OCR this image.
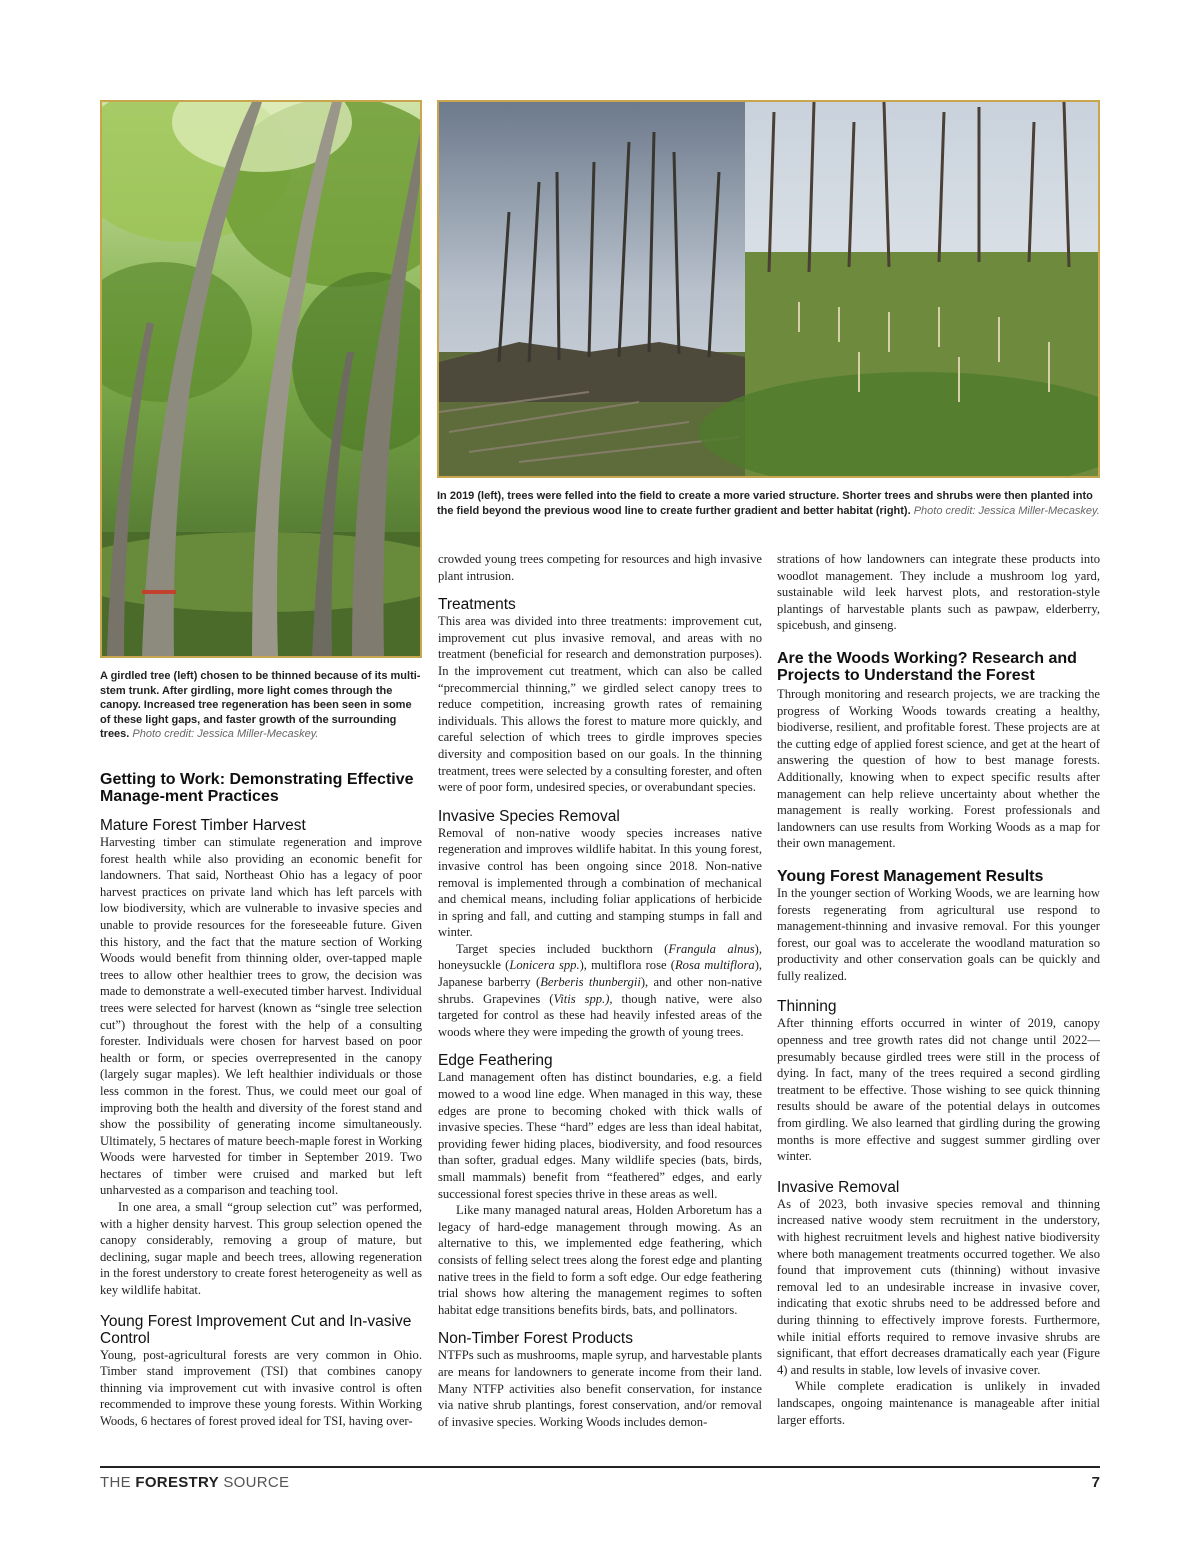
A girdled tree (left) chosen to be thinned because of its multi-stem trunk. After girdling, more light comes through the canopy. Increased tree regeneration has been seen in some of these light gaps, and faster growth of the surrounding trees. Photo credit: Jessica Miller-Mecaskey.
In 2019 (left), trees were felled into the field to create a more varied structure. Shorter trees and shrubs were then planted into the field beyond the previous wood line to create further gradient and better habitat (right). Photo credit: Jessica Miller-Mecaskey.
Getting to Work: Demonstrating Effective Manage-ment Practices
Mature Forest Timber Harvest

Harvesting timber can stimulate regeneration and improve forest health while also providing an economic benefit for landowners. That said, Northeast Ohio has a legacy of poor harvest practices on private land which has left parcels with low biodiversity, which are vulnerable to invasive species and unable to provide resources for the foreseeable future. Given this history, and the fact that the mature section of Working Woods would benefit from thinning older, over-tapped maple trees to allow other healthier trees to grow, the decision was made to demonstrate a well-executed timber harvest. Individual trees were selected for harvest (known as “single tree selection cut”) throughout the forest with the help of a consulting forester. Individuals were chosen for harvest based on poor health or form, or species overrepresented in the canopy (largely sugar maples). We left healthier individuals or those less common in the forest. Thus, we could meet our goal of improving both the health and diversity of the forest stand and show the possibility of generating income simultaneously. Ultimately, 5 hectares of mature beech-maple forest in Working Woods were harvested for timber in September 2019. Two hectares of timber were cruised and marked but left unharvested as a comparison and teaching tool.

In one area, a small “group selection cut” was performed, with a higher density harvest. This group selection opened the canopy considerably, removing a group of mature, but declining, sugar maple and beech trees, allowing regeneration in the forest understory to create forest heterogeneity as well as key wildlife habitat.

Young Forest Improvement Cut and In-vasive Control

Young, post-agricultural forests are very common in Ohio. Timber stand improvement (TSI) that combines canopy thinning via improvement cut with invasive control is often recommended to improve these young forests. Within Working Woods, 6 hectares of forest proved ideal for TSI, having over-

crowded young trees competing for resources and high invasive plant intrusion.

Treatments

This area was divided into three treatments: improvement cut, improvement cut plus invasive removal, and areas with no treatment (beneficial for research and demonstration purposes). In the improvement cut treatment, which can also be called “precommercial thinning,” we girdled select canopy trees to reduce competition, increasing growth rates of remaining individuals. This allows the forest to mature more quickly, and careful selection of which trees to girdle improves species diversity and composition based on our goals. In the thinning treatment, trees were selected by a consulting forester, and often were of poor form, undesired species, or overabundant species.

Invasive Species Removal

Removal of non-native woody species increases native regeneration and improves wildlife habitat. In this young forest, invasive control has been ongoing since 2018. Non-native removal is implemented through a combination of mechanical and chemical means, including foliar applications of herbicide in spring and fall, and cutting and stamping stumps in fall and winter.

Target species included buckthorn (Frangula alnus), honeysuckle (Lonicera spp.), multiflora rose (Rosa multiflora), Japanese barberry (Berberis thunbergii), and other non-native shrubs. Grapevines (Vitis spp.), though native, were also targeted for control as these had heavily infested areas of the woods where they were impeding the growth of young trees.

Edge Feathering

Land management often has distinct boundaries, e.g. a field mowed to a wood line edge. When managed in this way, these edges are prone to becoming choked with thick walls of invasive species. These “hard” edges are less than ideal habitat, providing fewer hiding places, biodiversity, and food resources than softer, gradual edges. Many wildlife species (bats, birds, small mammals) benefit from “feathered” edges, and early successional forest species thrive in these areas as well.

Like many managed natural areas, Holden Arboretum has a legacy of hard-edge management through mowing. As an alternative to this, we implemented edge feathering, which consists of felling select trees along the forest edge and planting native trees in the field to form a soft edge. Our edge feathering trial shows how altering the management regimes to soften habitat edge transitions benefits birds, bats, and pollinators.

Non-Timber Forest Products

NTFPs such as mushrooms, maple syrup, and harvestable plants are means for landowners to generate income from their land. Many NTFP activities also benefit conservation, for instance via native shrub plantings, forest conservation, and/or removal of invasive species. Working Woods includes demon-

strations of how landowners can integrate these products into woodlot management. They include a mushroom log yard, sustainable wild leek harvest plots, and restoration-style plantings of harvestable plants such as pawpaw, elderberry, spicebush, and ginseng.

Are the Woods Working? Research and Projects to Understand the Forest

Through monitoring and research projects, we are tracking the progress of Working Woods towards creating a healthy, biodiverse, resilient, and profitable forest. These projects are at the cutting edge of applied forest science, and get at the heart of answering the question of how to best manage forests. Additionally, knowing when to expect specific results after management can help relieve uncertainty about whether the management is really working. Forest professionals and landowners can use results from Working Woods as a map for their own management.

Young Forest Management Results

In the younger section of Working Woods, we are learning how forests regenerating from agricultural use respond to management-thinning and invasive removal. For this younger forest, our goal was to accelerate the woodland maturation so productivity and other conservation goals can be quickly and fully realized.

Thinning

After thinning efforts occurred in winter of 2019, canopy openness and tree growth rates did not change until 2022—presumably because girdled trees were still in the process of dying. In fact, many of the trees required a second girdling treatment to be effective. Those wishing to see quick thinning results should be aware of the potential delays in outcomes from girdling. We also learned that girdling during the growing months is more effective and suggest summer girdling over winter.

Invasive Removal

As of 2023, both invasive species removal and thinning increased native woody stem recruitment in the understory, with highest recruitment levels and highest native biodiversity where both management treatments occurred together. We also found that improvement cuts (thinning) without invasive removal led to an undesirable increase in invasive cover, indicating that exotic shrubs need to be addressed before and during thinning to effectively improve forests. Furthermore, while initial efforts required to remove invasive shrubs are significant, that effort decreases dramatically each year (Figure 4) and results in stable, low levels of invasive cover.

While complete eradication is unlikely in invaded landscapes, ongoing maintenance is manageable after initial larger efforts.

THE FORESTRY SOURCE	7
